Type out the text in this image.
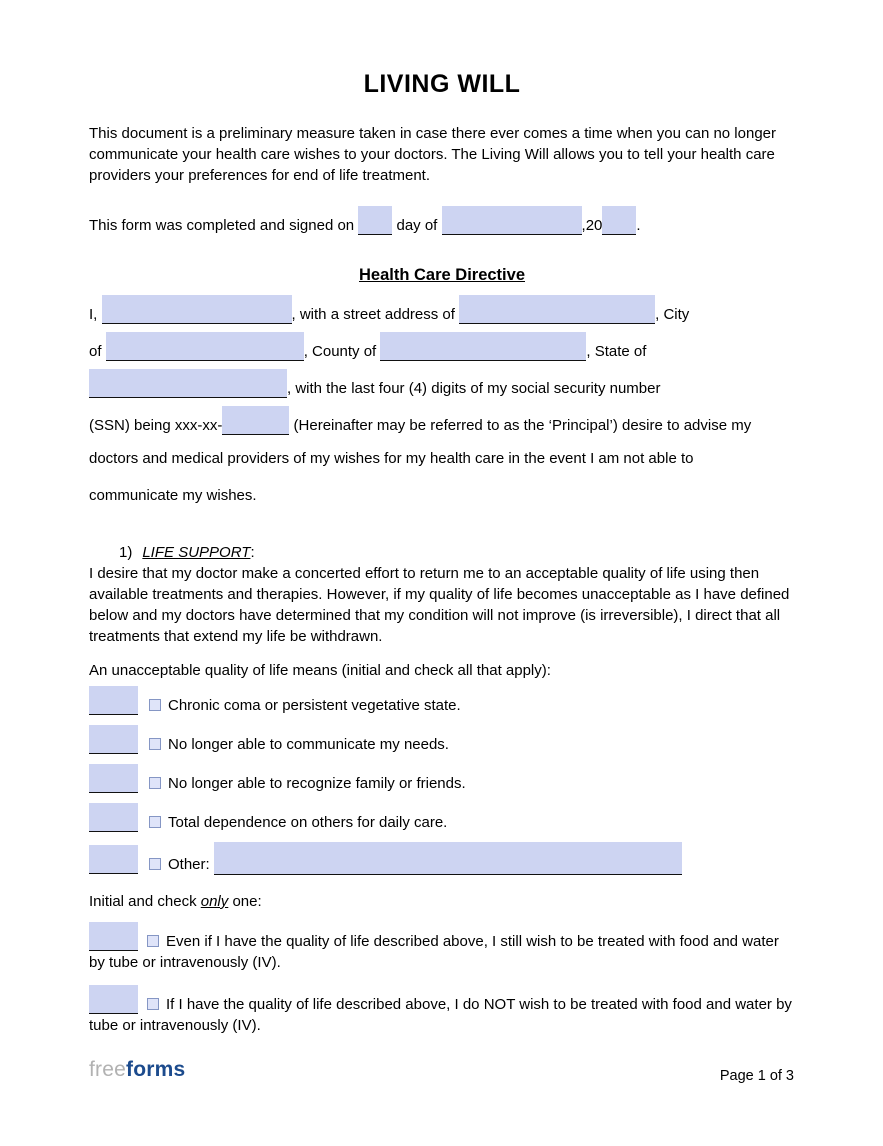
LIVING WILL

This document is a preliminary measure taken in case there ever comes a time when you can no longer communicate your health care wishes to your doctors. The Living Will allows you to tell your health care providers your preferences for end of life treatment.

This form was completed and signed on	day of	,20 .

Health Care Directive
I,	, with a street address of	, City
of	, County of	, State of
, with the last four (4) digits of my social security number
(SSN) being xxx-xx-	(Hereinafter may be referred to as the ‘Principal’) desire to advise my
doctors and medical providers of my wishes for my health care in the event I am not able to
communicate my wishes.
1) LIFE SUPPORT:

I desire that my doctor make a concerted effort to return me to an acceptable quality of life using then available treatments and therapies. However, if my quality of life becomes unacceptable as I have defined below and my doctors have determined that my condition will not improve (is irreversible), I direct that all treatments that extend my life be withdrawn.

An unacceptable quality of life means (initial and check all that apply):

Chronic coma or persistent vegetative state.
No longer able to communicate my needs.
No longer able to recognize family or friends.
Total dependence on others for daily care.
Other:

Initial and check only one:

Even if I have the quality of life described above, I still wish to be treated with food and water by tube or intravenously (IV).

If I have the quality of life described above, I do NOT wish to be treated with food and water by tube or intravenously (IV).

freeforms	Page 1 of 3
